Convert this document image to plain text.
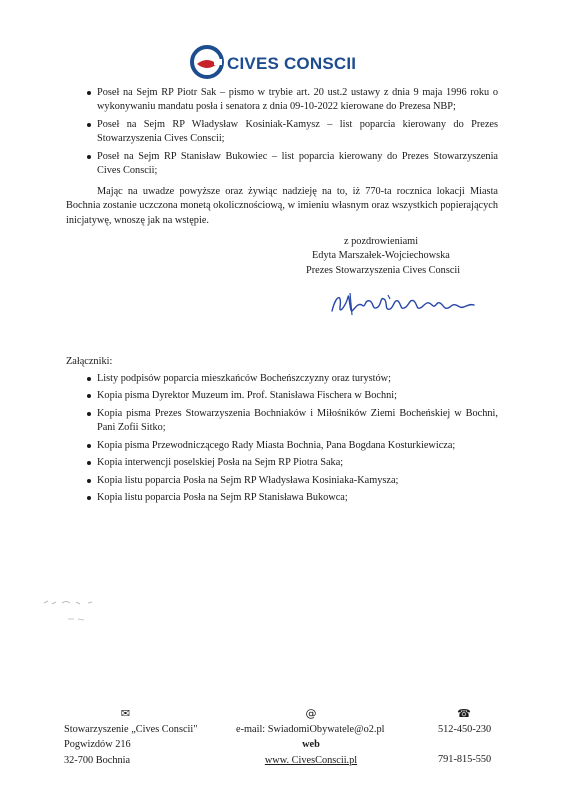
CIVES CONSCII
Poseł na Sejm RP Piotr Sak – pismo w trybie art. 20 ust.2 ustawy z dnia 9 maja 1996 roku o wykonywaniu mandatu posła i senatora z dnia 09-10-2022 kierowane do Prezesa NBP;
Poseł na Sejm RP Władysław Kosiniak-Kamysz – list poparcia kierowany do Prezes Stowarzyszenia Cives Conscii;
Poseł na Sejm RP Stanisław Bukowiec – list poparcia kierowany do Prezes Stowarzyszenia Cives Conscii;
Mając na uwadze powyższe oraz żywiąc nadzieję na to, iż 770-ta rocznica lokacji Miasta Bochnia zostanie uczczona monetą okolicznościową, w imieniu własnym oraz wszystkich popierających inicjatywę, wnoszę jak na wstępie.
z pozdrowieniami
Edyta Marszałek-Wojciechowska
Prezes Stowarzyszenia Cives Conscii
Załączniki:
Listy podpisów poparcia mieszkańców Bocheńszczyzny oraz turystów;
Kopia pisma Dyrektor Muzeum im. Prof. Stanisława Fischera w Bochni;
Kopia pisma Prezes Stowarzyszenia Bochniaków i Miłośników Ziemi Bocheńskiej w Bochni, Pani Zofii Sitko;
Kopia pisma Przewodniczącego Rady Miasta Bochnia, Pana Bogdana Kosturkiewicza;
Kopia interwencji poselskiej Posła na Sejm RP Piotra Saka;
Kopia listu poparcia Posła na Sejm RP Władysława Kosiniaka-Kamysza;
Kopia listu poparcia Posła na Sejm RP Stanisława Bukowca;
✉
Stowarzyszenie „Cives Conscii"
Pogwizdów 216
32-700 Bochnia
@
e-mail: SwiadomiObywatele@o2.pl
web
www. CivesConscii.pl
☎
512-450-230
791-815-550
